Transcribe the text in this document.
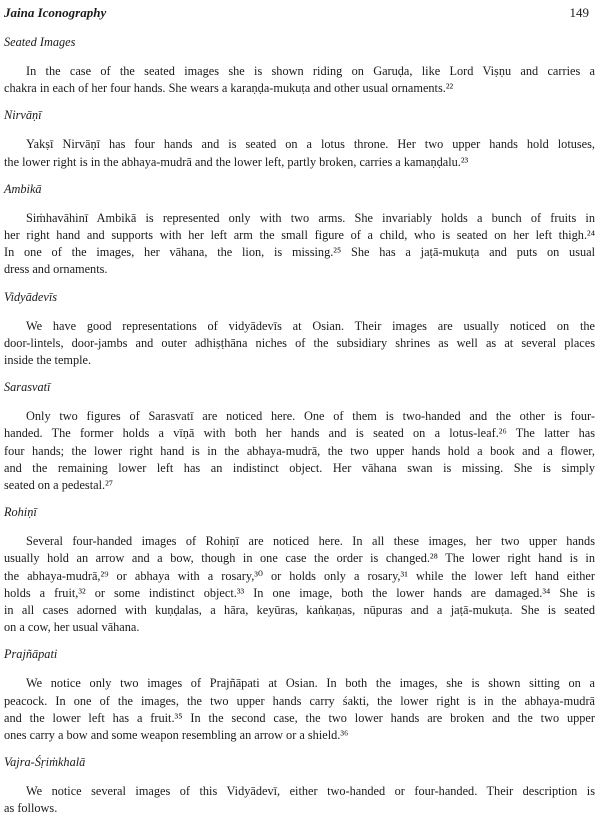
Jaina Iconography	149
Seated Images

In the case of the seated images she is shown riding on Garuḍa, like Lord Viṣṇu and carries a
chakra in each of her four hands. She wears a karaṇḍa-mukuṭa and other usual ornaments.²²

Nirvāṇī

Yakṣī Nirvāṇī has four hands and is seated on a lotus throne. Her two upper hands hold lotuses,
the lower right is in the abhaya-mudrā and the lower left, partly broken, carries a kamaṇḍalu.²³

Ambikā

Siṁhavāhinī Ambikā is represented only with two arms. She invariably holds a bunch of fruits in
her right hand and supports with her left arm the small figure of a child, who is seated on her left thigh.²⁴
In one of the images, her vāhana, the lion, is missing.²⁵ She has a jaṭā-mukuṭa and puts on usual
dress and ornaments.

Vidyādevīs

We have good representations of vidyādevīs at Osian. Their images are usually noticed on the
door-lintels, door-jambs and outer adhiṣṭhāna niches of the subsidiary shrines as well as at several places
inside the temple.

Sarasvatī

Only two figures of Sarasvatī are noticed here. One of them is two-handed and the other is four-
handed. The former holds a vīṇā with both her hands and is seated on a lotus-leaf.²⁶ The latter has
four hands; the lower right hand is in the abhaya-mudrā, the two upper hands hold a book and a flower,
and the remaining lower left has an indistinct object. Her vāhana swan is missing. She is simply
seated on a pedestal.²⁷

Rohiṇī

Several four-handed images of Rohiṇī are noticed here. In all these images, her two upper hands
usually hold an arrow and a bow, though in one case the order is changed.²⁸ The lower right hand is in
the abhaya-mudrā,²⁹ or abhaya with a rosary,³⁰ or holds only a rosary,³¹ while the lower left hand either
holds a fruit,³² or some indistinct object.³³ In one image, both the lower hands are damaged.³⁴ She is
in all cases adorned with kuṇḍalas, a hāra, keyūras, kaṅkaṇas, nūpuras and a jaṭā-mukuṭa. She is seated
on a cow, her usual vāhana.

Prajñāpati

We notice only two images of Prajñāpati at Osian. In both the images, she is shown sitting on a
peacock. In one of the images, the two upper hands carry śakti, the lower right is in the abhaya-mudrā
and the lower left has a fruit.³⁵ In the second case, the two lower hands are broken and the two upper
ones carry a bow and some weapon resembling an arrow or a shield.³⁶

Vajra-Śṛiṁkhalā

We notice several images of this Vidyādevī, either two-handed or four-handed. Their description is
as follows.
